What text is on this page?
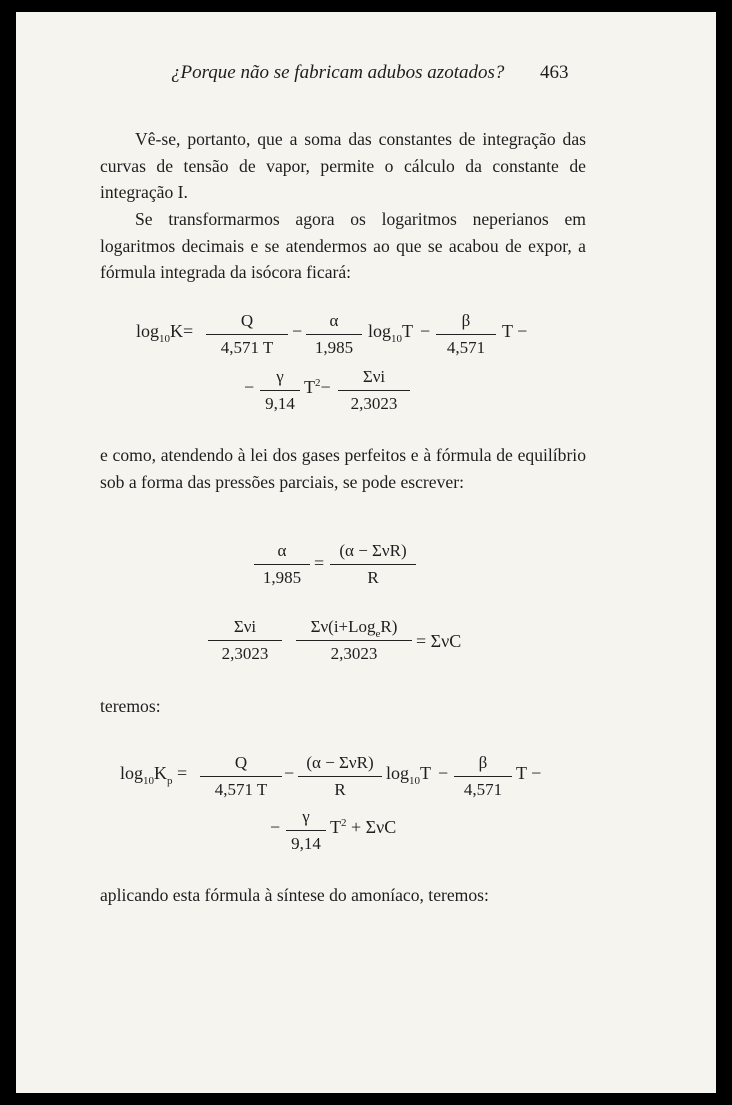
¿Porque não se fabricam adubos azotados? 463
Vê-se, portanto, que a soma das constantes de integração das curvas de tensão de vapor, permite o cálculo da constante de integração I.
Se transformarmos agora os logaritmos neperianos em logaritmos decimais e se atendermos ao que se acabou de expor, a fórmula integrada da isócora ficará:
$\log_{10}K=$
Q
4,571 T
−
α
1,985
$\log_{10}T$ −
β
4,571
T −
−
γ
9,14
$T^2-$
Σνi
2,3023
e como, atendendo à lei dos gases perfeitos e à fórmula de equilíbrio sob a forma das pressões parciais, se pode escrever:
α
1,985
=
(α − ΣνR)
R
Σνi
2,3023
Σν(i+Log$_e$R)
2,3023
= ΣνC
teremos:
$\log_{10}K_p$ =
Q
4,571 T
−
(α − ΣνR)
R
$\log_{10}T$ −
β
4,571
T −
−
γ
9,14
$T^2 + \Sigma\nu C$
aplicando esta fórmula à síntese do amoníaco, teremos:
